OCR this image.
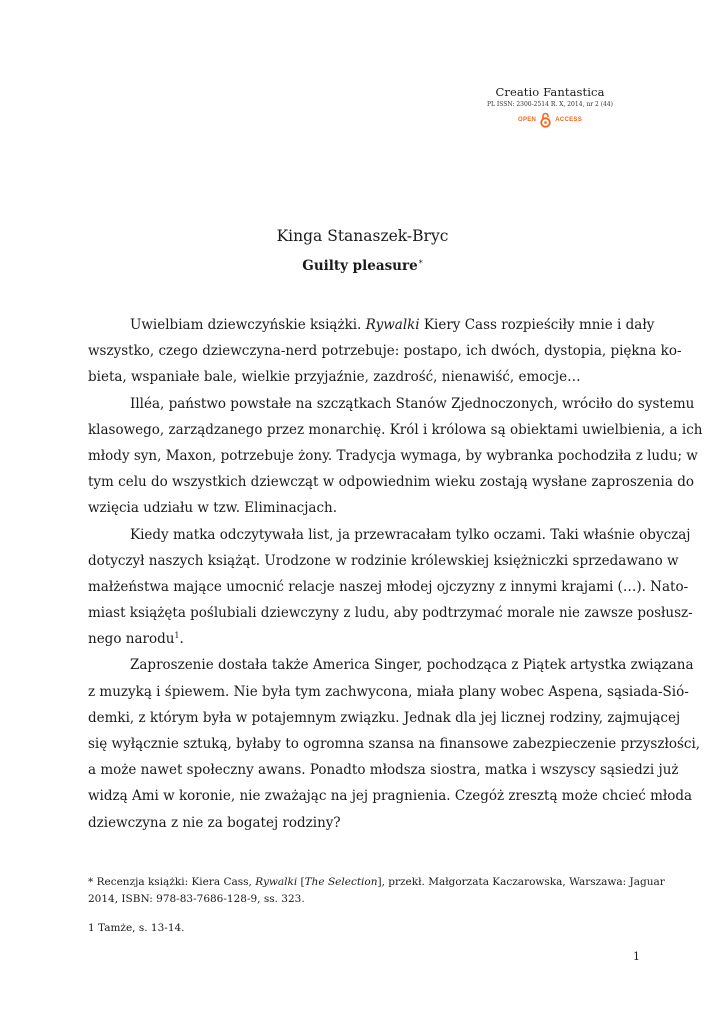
Creatio Fantastica
PL ISSN: 2300-2514 R. X, 2014, nr 2 (44)
OPEN	ACCESS
Kinga Stanaszek-Bryc
Guilty pleasure*
Uwielbiam dziewczyńskie książki. Rywalki Kiery Cass rozpieściły mnie i dały
wszystko, czego dziewczyna-nerd potrzebuje: postapo, ich dwóch, dystopia, piękna ko-
bieta, wspaniałe bale, wielkie przyjaźnie, zazdrość, nienawiść, emocje…
Illéa, państwo powstałe na szczątkach Stanów Zjednoczonych, wróciło do systemu
klasowego, zarządzanego przez monarchię. Król i królowa są obiektami uwielbienia, a ich
młody syn, Maxon, potrzebuje żony. Tradycja wymaga, by wybranka pochodziła z ludu; w
tym celu do wszystkich dziewcząt w odpowiednim wieku zostają wysłane zaproszenia do
wzięcia udziału w tzw. Eliminacjach.
Kiedy matka odczytywała list, ja przewracałam tylko oczami. Taki właśnie obyczaj
dotyczył naszych książąt. Urodzone w rodzinie królewskiej księżniczki sprzedawano w
małżeństwa mające umocnić relacje naszej młodej ojczyzny z innymi krajami (…). Nato-
miast książęta poślubiali dziewczyny z ludu, aby podtrzymać morale nie zawsze posłusz-
nego narodu$^1$.
Zaproszenie dostała także America Singer, pochodząca z Piątek artystka związana
z muzyką i śpiewem. Nie była tym zachwycona, miała plany wobec Aspena, sąsiada-Sió-
demki, z którym była w potajemnym związku. Jednak dla jej licznej rodziny, zajmującej
się wyłącznie sztuką, byłaby to ogromna szansa na finansowe zabezpieczenie przyszłości,
a może nawet społeczny awans. Ponadto młodsza siostra, matka i wszyscy sąsiedzi już
widzą Ami w koronie, nie zważając na jej pragnienia. Czegóż zresztą może chcieć młoda
dziewczyna z nie za bogatej rodziny?
* Recenzja książki: Kiera Cass, Rywalki [The Selection], przekł. Małgorzata Kaczarowska, Warszawa: Jaguar
2014, ISBN: 978-83-7686-128-9, ss. 323.
1 Tamże, s. 13-14.
1
